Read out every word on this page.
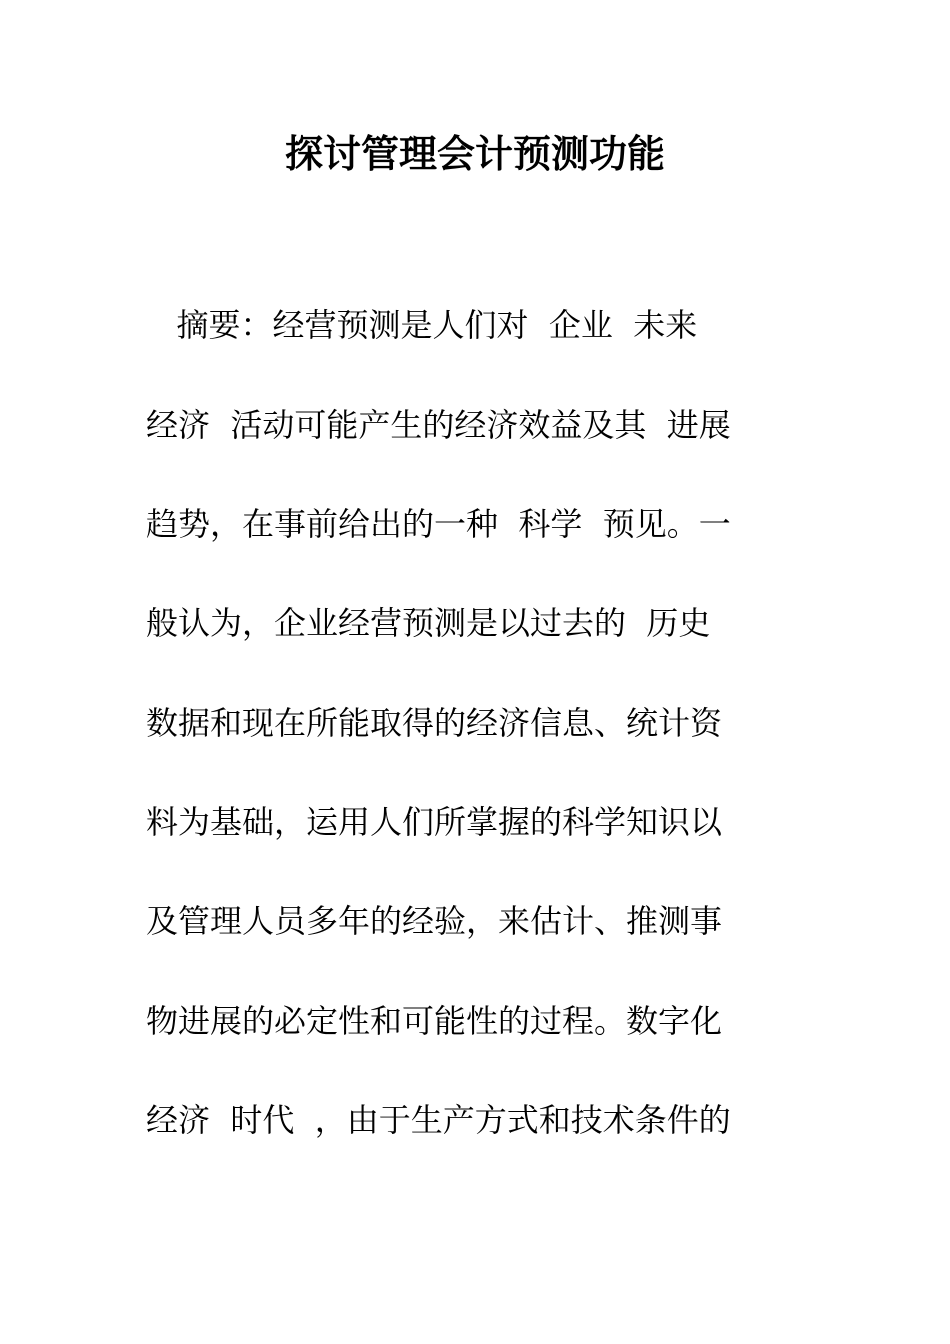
探讨管理会计预测功能
摘要：经营预测是人们对  企业  未来
经济  活动可能产生的经济效益及其  进展
趋势，在事前给出的一种  科学  预见。一
般认为，企业经营预测是以过去的  历史
数据和现在所能取得的经济信息、统计资
料为基础，运用人们所掌握的科学知识以
及管理人员多年的经验，来估计、推测事
物进展的必定性和可能性的过程。数字化
经济  时代  ，由于生产方式和技术条件的
